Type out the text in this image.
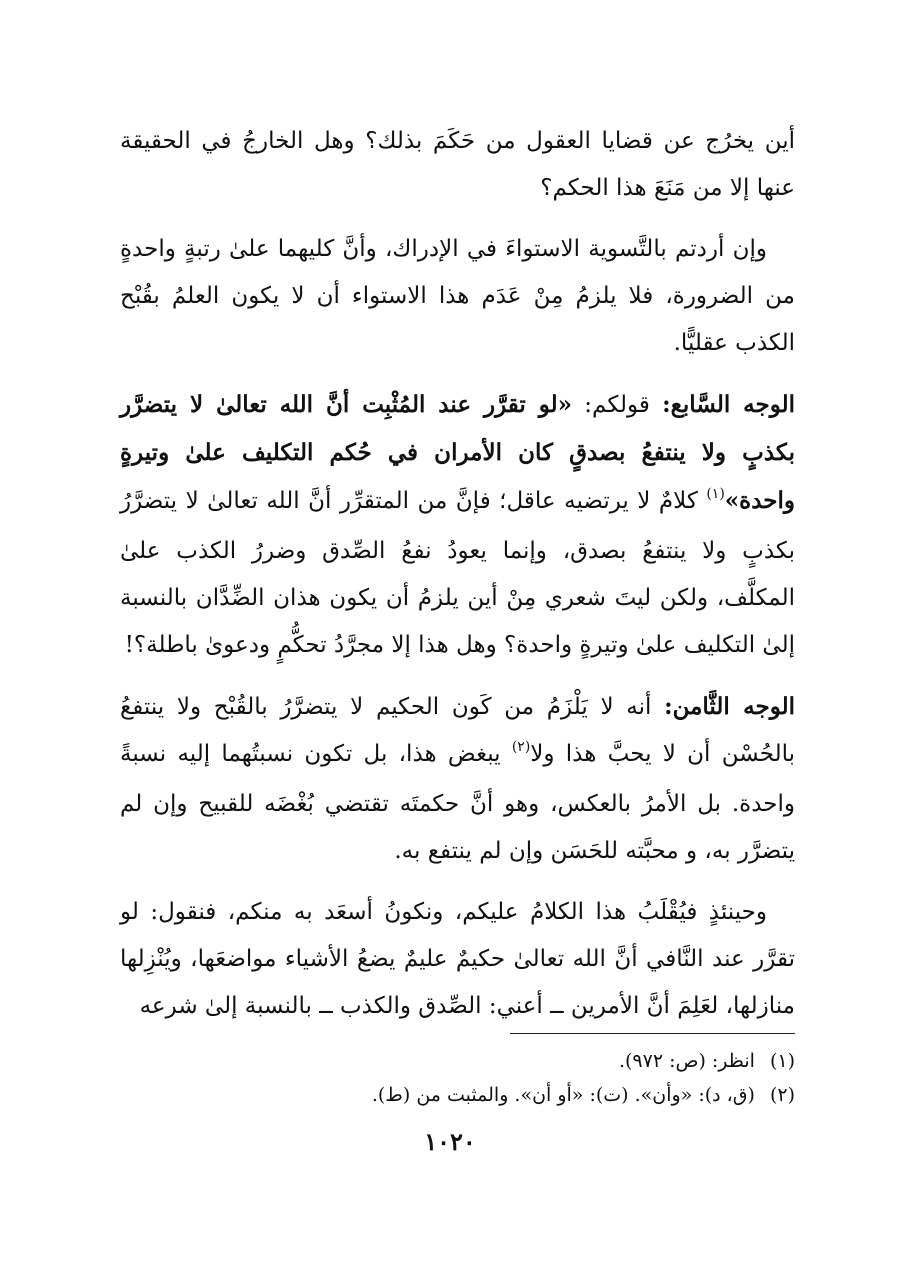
أين يخرُج عن قضايا العقول من حَكَمَ بذلك؟ وهل الخارجُ في الحقيقة عنها إلا من مَنَعَ هذا الحكم؟

وإن أردتم بالتَّسوية الاستواءَ في الإدراك، وأنَّ كليهما علىٰ رتبةٍ واحدةٍ من الضرورة، فلا يلزمُ مِنْ عَدَم هذا الاستواء أن لا يكون العلمُ بقُبْح الكذب عقليًّا.

الوجه السَّابع: قولكم: «لو تقرَّر عند المُثْبِت أنَّ الله تعالىٰ لا يتضرَّر بكذبٍ ولا ينتفعُ بصدقٍ كان الأمران في حُكم التكليف علىٰ وتيرةٍ واحدة»$^{(١)}$ كلامٌ لا يرتضيه عاقل؛ فإنَّ من المتقرِّر أنَّ الله تعالىٰ لا يتضرَّرُ بكذبٍ ولا ينتفعُ بصدق، وإنما يعودُ نفعُ الصِّدق وضررُ الكذب علىٰ المكلَّف، ولكن ليتَ شعري مِنْ أين يلزمُ أن يكون هذان الضِّدَّان بالنسبة إلىٰ التكليف علىٰ وتيرةٍ واحدة؟ وهل هذا إلا مجرَّدُ تحكُّمٍ ودعوىٰ باطلة؟!

الوجه الثَّامن: أنه لا يَلْزَمُ من كَون الحكيم لا يتضرَّرُ بالقُبْح ولا ينتفعُ بالحُسْن أن لا يحبَّ هذا ولا$^{(٢)}$ يبغض هذا، بل تكون نسبتُهما إليه نسبةً واحدة. بل الأمرُ بالعكس، وهو أنَّ حكمتَه تقتضي بُغْضَه للقبيح وإن لم يتضرَّر به، و محبَّته للحَسَن وإن لم ينتفع به.

وحينئذٍ فيُقْلَبُ هذا الكلامُ عليكم، ونكونُ أسعَد به منكم، فنقول: لو تقرَّر عند النَّافي أنَّ الله تعالىٰ حكيمٌ عليمٌ يضعُ الأشياء مواضعَها، ويُنْزِلها منازلها، لعَلِمَ أنَّ الأمرين ــ أعني: الصِّدق والكذب ــ بالنسبة إلىٰ شرعه

(١) انظر: (ص: ٩٧٢).

(٢) (ق، د): «وأن». (ت): «أو أن». والمثبت من (ط).

١٠٢٠
